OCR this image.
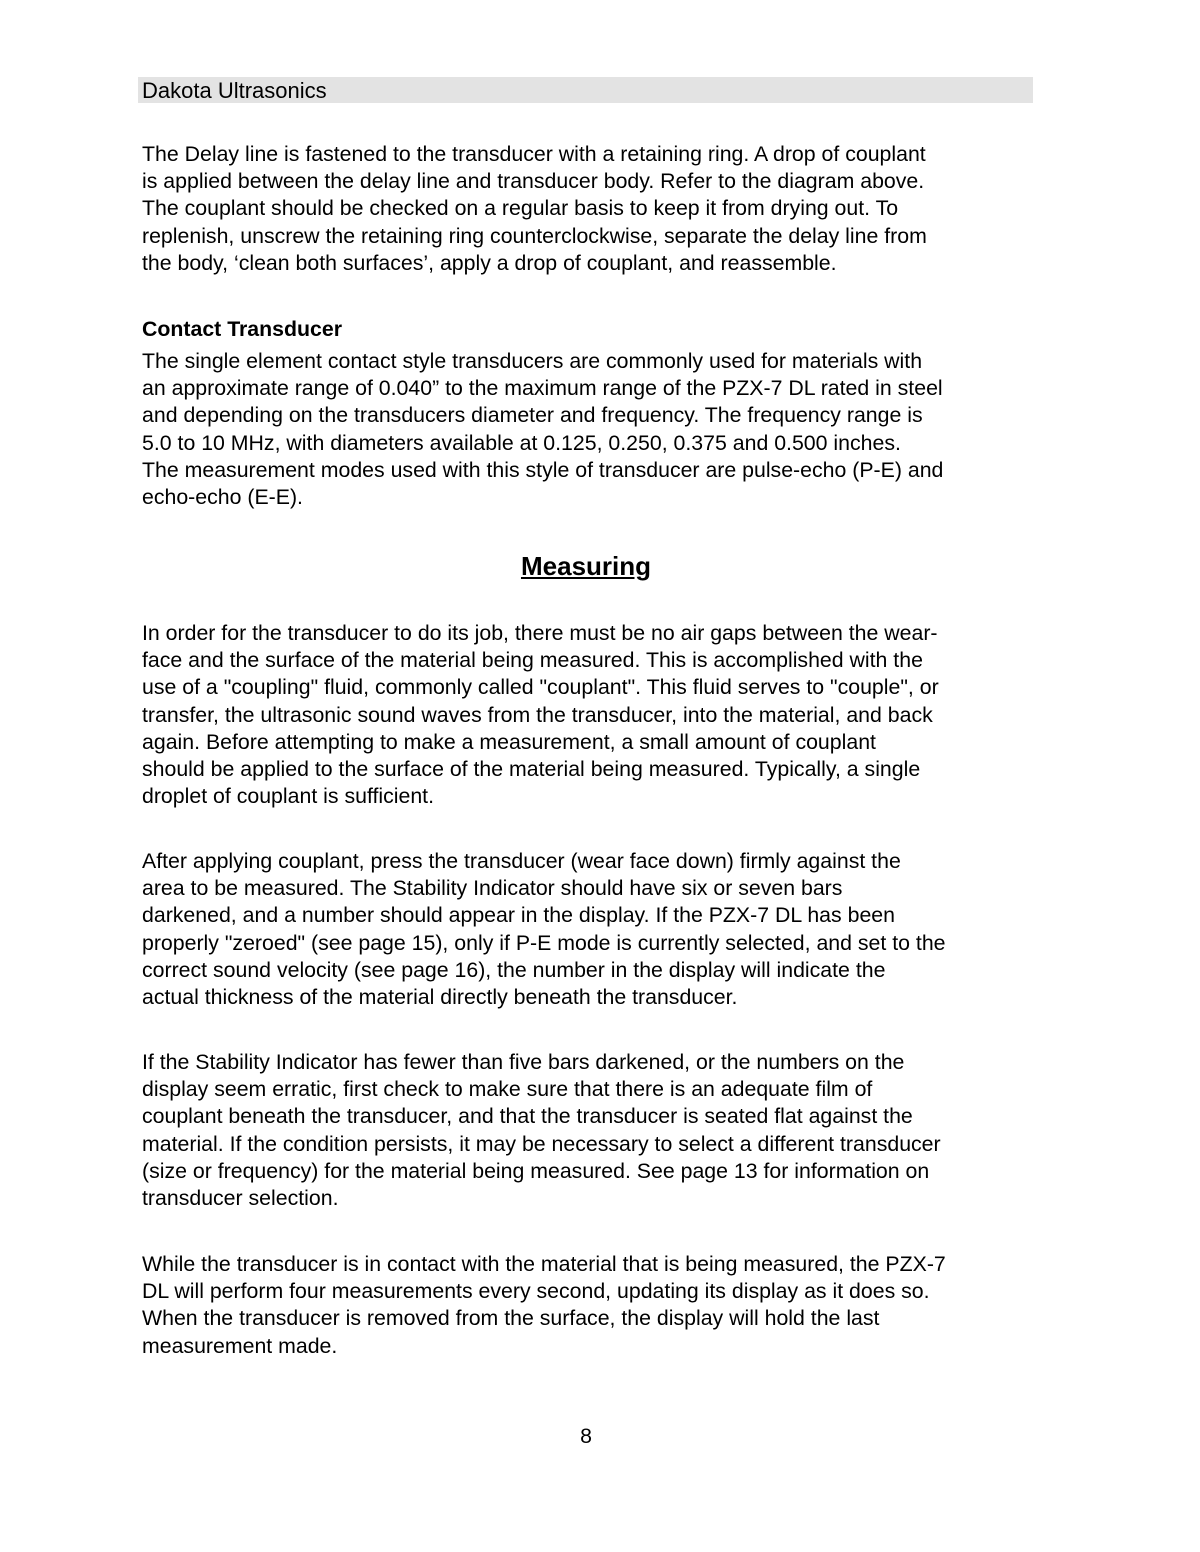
Dakota Ultrasonics
The Delay line is fastened to the transducer with a retaining ring. A drop of couplant
is applied between the delay line and transducer body. Refer to the diagram above.
The couplant should be checked on a regular basis to keep it from drying out. To
replenish, unscrew the retaining ring counterclockwise, separate the delay line from
the body, ‘clean both surfaces’, apply a drop of couplant, and reassemble.
Contact Transducer
The single element contact style transducers are commonly used for materials with
an approximate range of 0.040” to the maximum range of the PZX-7 DL rated in steel
and depending on the transducers diameter and frequency. The frequency range is
5.0 to 10 MHz, with diameters available at 0.125, 0.250, 0.375 and 0.500 inches.
The measurement modes used with this style of transducer are pulse-echo (P-E) and
echo-echo (E-E).
Measuring
In order for the transducer to do its job, there must be no air gaps between the wear-
face and the surface of the material being measured. This is accomplished with the
use of a "coupling" fluid, commonly called "couplant". This fluid serves to "couple", or
transfer, the ultrasonic sound waves from the transducer, into the material, and back
again. Before attempting to make a measurement, a small amount of couplant
should be applied to the surface of the material being measured. Typically, a single
droplet of couplant is sufficient.
After applying couplant, press the transducer (wear face down) firmly against the
area to be measured. The Stability Indicator should have six or seven bars
darkened, and a number should appear in the display. If the PZX-7 DL has been
properly "zeroed" (see page 15), only if P-E mode is currently selected, and set to the
correct sound velocity (see page 16), the number in the display will indicate the
actual thickness of the material directly beneath the transducer.
If the Stability Indicator has fewer than five bars darkened, or the numbers on the
display seem erratic, first check to make sure that there is an adequate film of
couplant beneath the transducer, and that the transducer is seated flat against the
material. If the condition persists, it may be necessary to select a different transducer
(size or frequency) for the material being measured. See page 13 for information on
transducer selection.
While the transducer is in contact with the material that is being measured, the PZX-7
DL will perform four measurements every second, updating its display as it does so.
When the transducer is removed from the surface, the display will hold the last
measurement made.
8
